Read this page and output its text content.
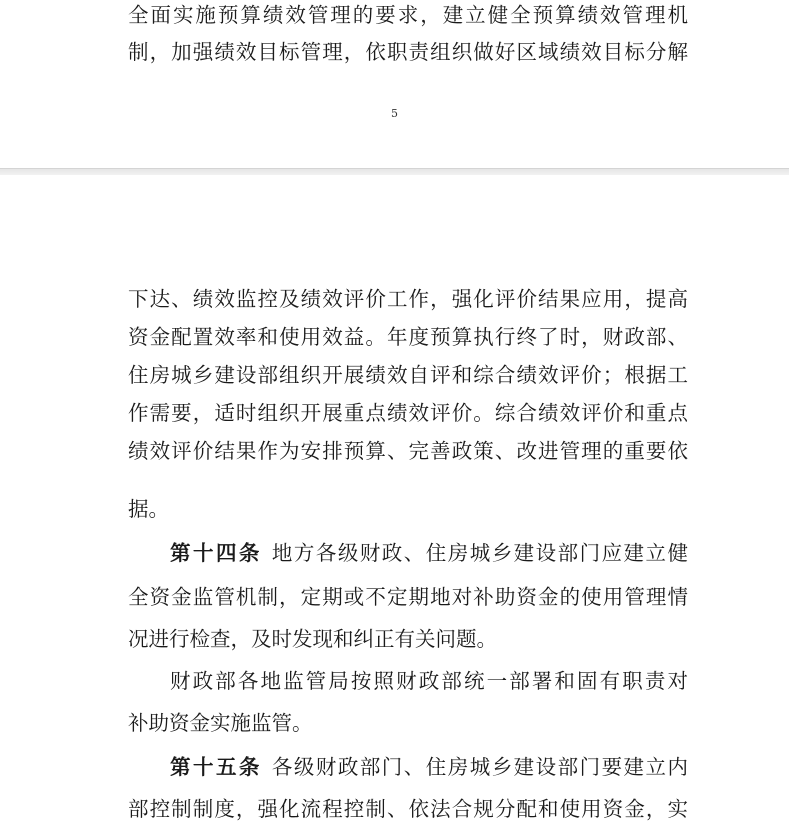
全面实施预算绩效管理的要求，建立健全预算绩效管理机
制，加强绩效目标管理，依职责组织做好区域绩效目标分解
5
下达、绩效监控及绩效评价工作，强化评价结果应用，提高
资金配置效率和使用效益。年度预算执行终了时，财政部、
住房城乡建设部组织开展绩效自评和综合绩效评价；根据工
作需要，适时组织开展重点绩效评价。综合绩效评价和重点
绩效评价结果作为安排预算、完善政策、改进管理的重要依
据。
第十四条 地方各级财政、住房城乡建设部门应建立健
全资金监管机制，定期或不定期地对补助资金的使用管理情
况进行检查，及时发现和纠正有关问题。
财政部各地监管局按照财政部统一部署和固有职责对
补助资金实施监管。
第十五条 各级财政部门、住房城乡建设部门要建立内
部控制制度，强化流程控制、依法合规分配和使用资金，实
